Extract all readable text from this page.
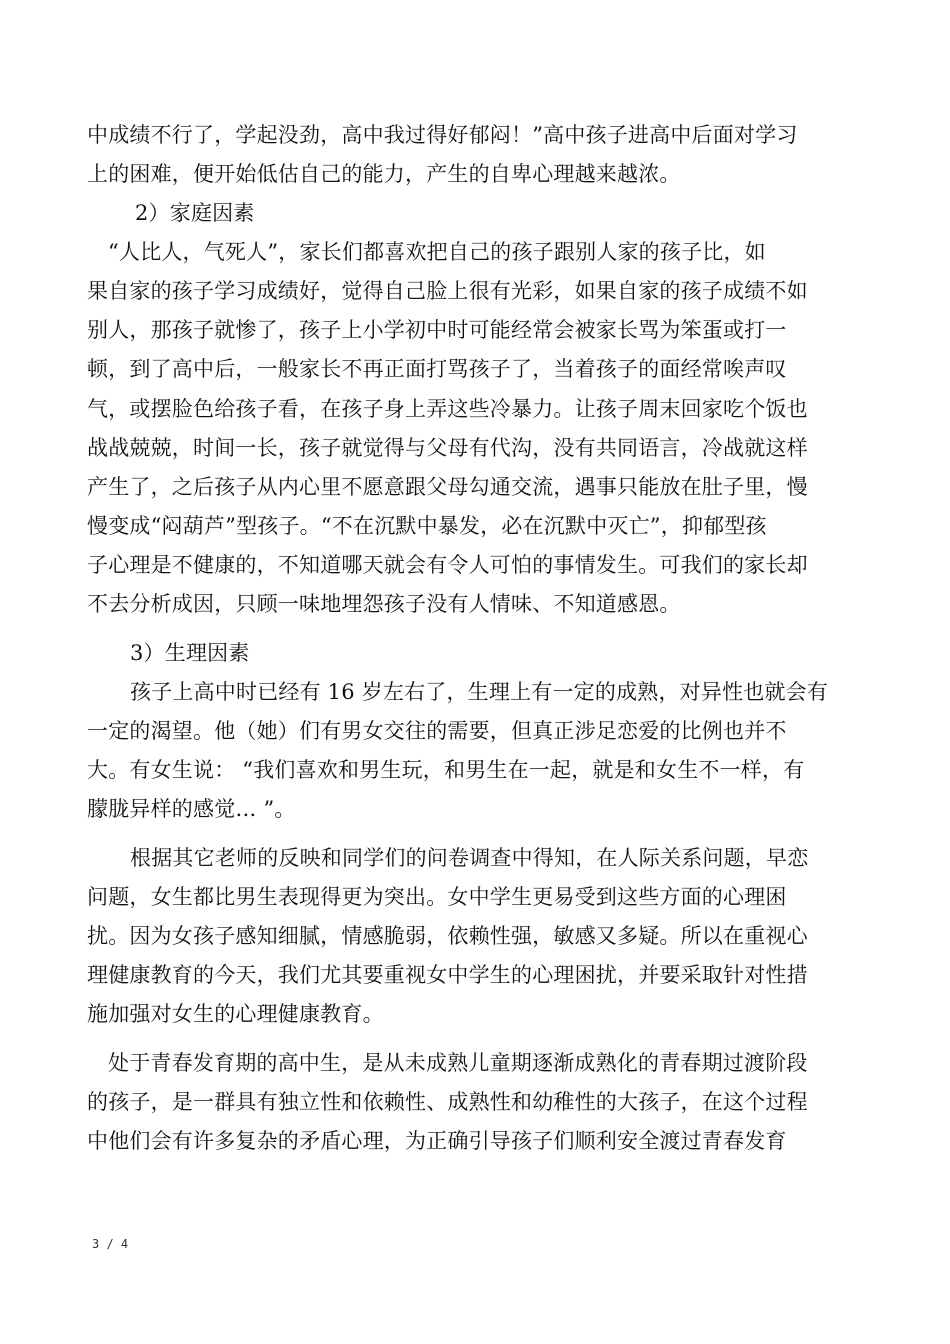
中成绩不行了，学起没劲，高中我过得好郁闷！”高中孩子进高中后面对学习
上的困难，便开始低估自己的能力，产生的自卑心理越来越浓。
2）家庭因素
“人比人，气死人”，家长们都喜欢把自己的孩子跟别人家的孩子比，如
果自家的孩子学习成绩好，觉得自己脸上很有光彩，如果自家的孩子成绩不如
别人，那孩子就惨了，孩子上小学初中时可能经常会被家长骂为笨蛋或打一
顿，到了高中后，一般家长不再正面打骂孩子了，当着孩子的面经常唉声叹
气，或摆脸色给孩子看，在孩子身上弄这些冷暴力。让孩子周末回家吃个饭也
战战兢兢，时间一长，孩子就觉得与父母有代沟，没有共同语言，冷战就这样
产生了，之后孩子从内心里不愿意跟父母勾通交流，遇事只能放在肚子里，慢
慢变成“闷葫芦”型孩子。“不在沉默中暴发，必在沉默中灭亡”，抑郁型孩
子心理是不健康的，不知道哪天就会有令人可怕的事情发生。可我们的家长却
不去分析成因，只顾一味地埋怨孩子没有人情味、不知道感恩。
3）生理因素
孩子上高中时已经有 16 岁左右了，生理上有一定的成熟，对异性也就会有
一定的渴望。他（她）们有男女交往的需要，但真正涉足恋爱的比例也并不
大。有女生说： “我们喜欢和男生玩，和男生在一起，就是和女生不一样，有
朦胧异样的感觉… ”。
根据其它老师的反映和同学们的问卷调查中得知，在人际关系问题，早恋
问题，女生都比男生表现得更为突出。女中学生更易受到这些方面的心理困
扰。因为女孩子感知细腻，情感脆弱，依赖性强，敏感又多疑。所以在重视心
理健康教育的今天，我们尤其要重视女中学生的心理困扰，并要采取针对性措
施加强对女生的心理健康教育。
处于青春发育期的高中生，是从未成熟儿童期逐渐成熟化的青春期过渡阶段
的孩子，是一群具有独立性和依赖性、成熟性和幼稚性的大孩子，在这个过程
中他们会有许多复杂的矛盾心理，为正确引导孩子们顺利安全渡过青春发育
3 / 4
